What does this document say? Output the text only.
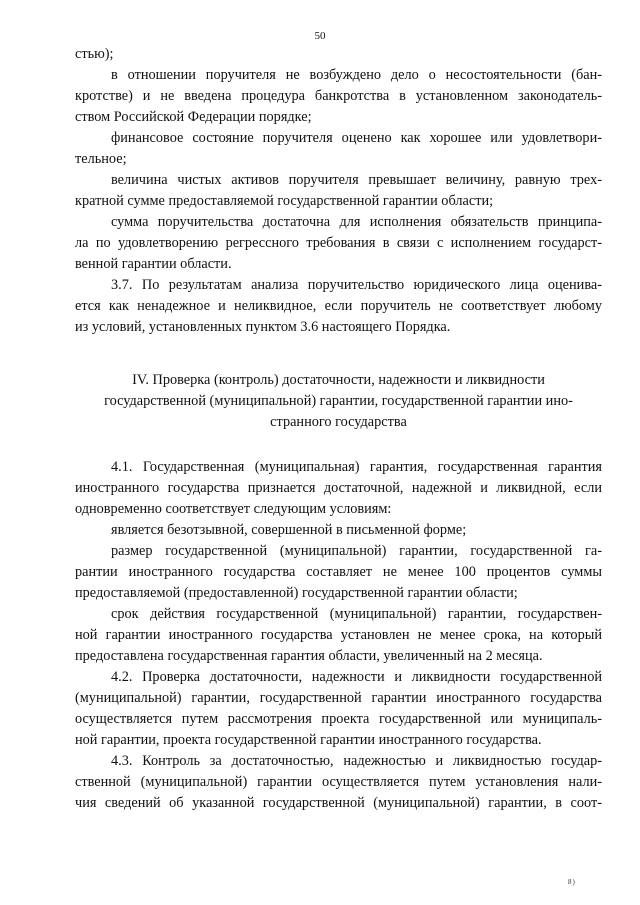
50
стью);
в отношении поручителя не возбуждено дело о несостоятельности (бан-
кротстве) и не введена процедура банкротства в установленном законодатель-
ством Российской Федерации порядке;
финансовое состояние поручителя оценено как хорошее или удовлетвори-
тельное;
величина чистых активов поручителя превышает величину, равную трех-
кратной сумме предоставляемой государственной гарантии области;
сумма поручительства достаточна для исполнения обязательств принципа-
ла по удовлетворению регрессного требования в связи с исполнением государст-
венной гарантии области.
3.7. По результатам анализа поручительство юридического лица оценива-
ется как ненадежное и неликвидное, если поручитель не соответствует любому
из условий, установленных пунктом 3.6 настоящего Порядка.
IV. Проверка (контроль) достаточности, надежности и ликвидности
государственной (муниципальной) гарантии, государственной гарантии ино-
странного государства
4.1. Государственная (муниципальная) гарантия, государственная гарантия
иностранного государства признается достаточной, надежной и ликвидной, если
одновременно соответствует следующим условиям:
является безотзывной, совершенной в письменной форме;
размер государственной (муниципальной) гарантии, государственной га-
рантии иностранного государства составляет не менее 100 процентов суммы
предоставляемой (предоставленной) государственной гарантии области;
срок действия государственной (муниципальной) гарантии, государствен-
ной гарантии иностранного государства установлен не менее срока, на который
предоставлена государственная гарантия области, увеличенный на 2 месяца.
4.2. Проверка достаточности, надежности и ликвидности государственной
(муниципальной) гарантии, государственной гарантии иностранного государства
осуществляется путем рассмотрения проекта государственной или муниципаль-
ной гарантии, проекта государственной гарантии иностранного государства.
4.3. Контроль за достаточностью, надежностью и ликвидностью государ-
ственной (муниципальной) гарантии осуществляется путем установления нали-
чия сведений об указанной государственной (муниципальной) гарантии, в соот-
8)
